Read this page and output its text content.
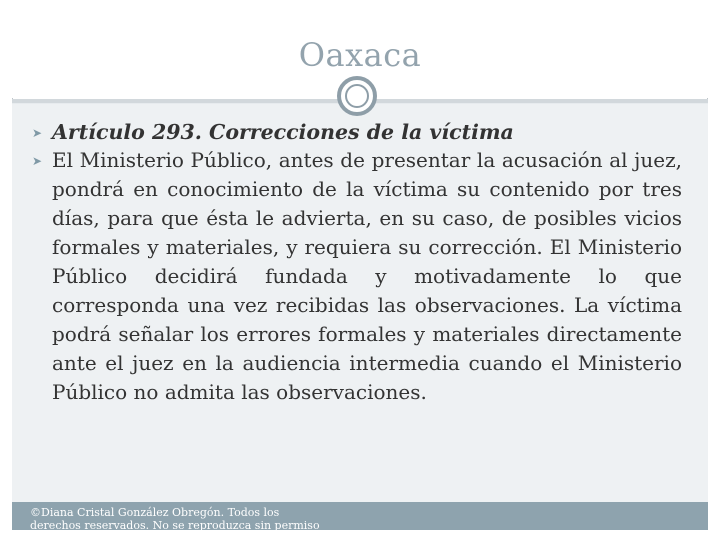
Oaxaca
➤ Artículo 293. Correcciones de la víctima
➤ El Ministerio Público, antes de presentar la acusación al juez, pondrá en conocimiento de la víctima su contenido por tres días, para que ésta le advierta, en su caso, de posibles vicios formales y materiales, y requiera su corrección. El Ministerio Público decidirá fundada y motivadamente lo que corresponda una vez recibidas las observaciones. La víctima podrá señalar los errores formales y materiales directamente ante el juez en la audiencia intermedia cuando el Ministerio Público no admita las observaciones.

©Diana Cristal González Obregón. Todos los derechos reservados. No se reproduzca sin permiso
